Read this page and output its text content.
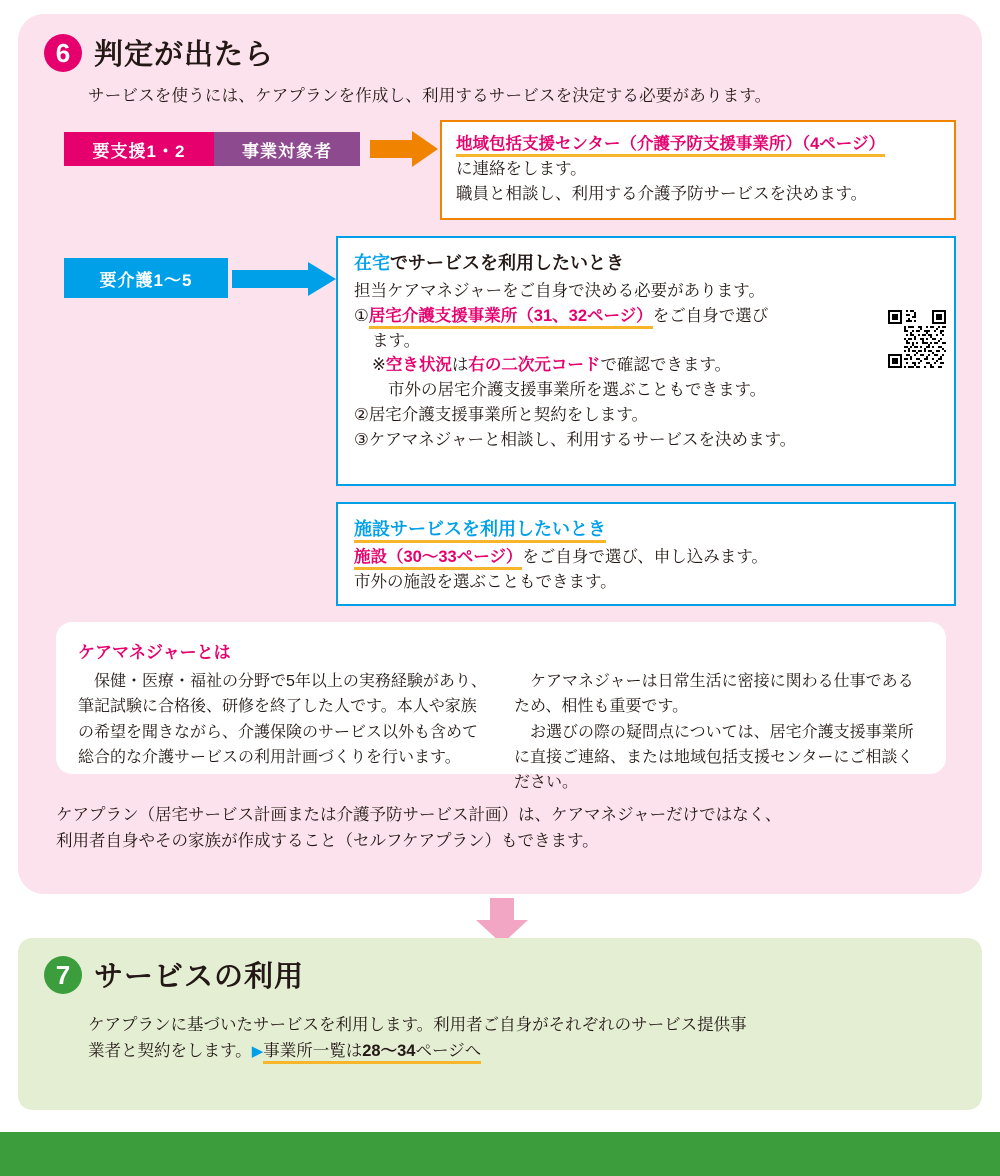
6 判定が出たら
サービスを使うには、ケアプランを作成し、利用するサービスを決定する必要があります。
要支援1・2	事業対象者	地域包括支援センター（介護予防支援事業所）（4ページ）
に連絡をします。
職員と相談し、利用する介護予防サービスを決めます。
要介護1〜5
在宅でサービスを利用したいとき
担当ケアマネジャーをご自身で決める必要があります。
①居宅介護支援事業所（31、32ページ）をご自身で選び
ます。
※空き状況は右の二次元コードで確認できます。
市外の居宅介護支援事業所を選ぶこともできます。
②居宅介護支援事業所と契約をします。
③ケアマネジャーと相談し、利用するサービスを決めます。
施設サービスを利用したいとき
施設（30〜33ページ）をご自身で選び、申し込みます。
市外の施設を選ぶこともできます。
ケアマネジャーとは

保健・医療・福祉の分野で5年以上の実務経験があり、筆記試験に合格後、研修を終了した人です。本人や家族の希望を聞きながら、介護保険のサービス以外も含めて総合的な介護サービスの利用計画づくりを行います。

ケアマネジャーは日常生活に密接に関わる仕事であるため、相性も重要です。

お選びの際の疑問点については、居宅介護支援事業所に直接ご連絡、または地域包括支援センターにご相談ください。

ケアプラン（居宅サービス計画または介護予防サービス計画）は、ケアマネジャーだけではなく、
利用者自身やその家族が作成すること（セルフケアプラン）もできます。
7 サービスの利用
ケアプランに基づいたサービスを利用します。利用者ご自身がそれぞれのサービス提供事
業者と契約をします。▶事業所一覧は28〜34ページへ
